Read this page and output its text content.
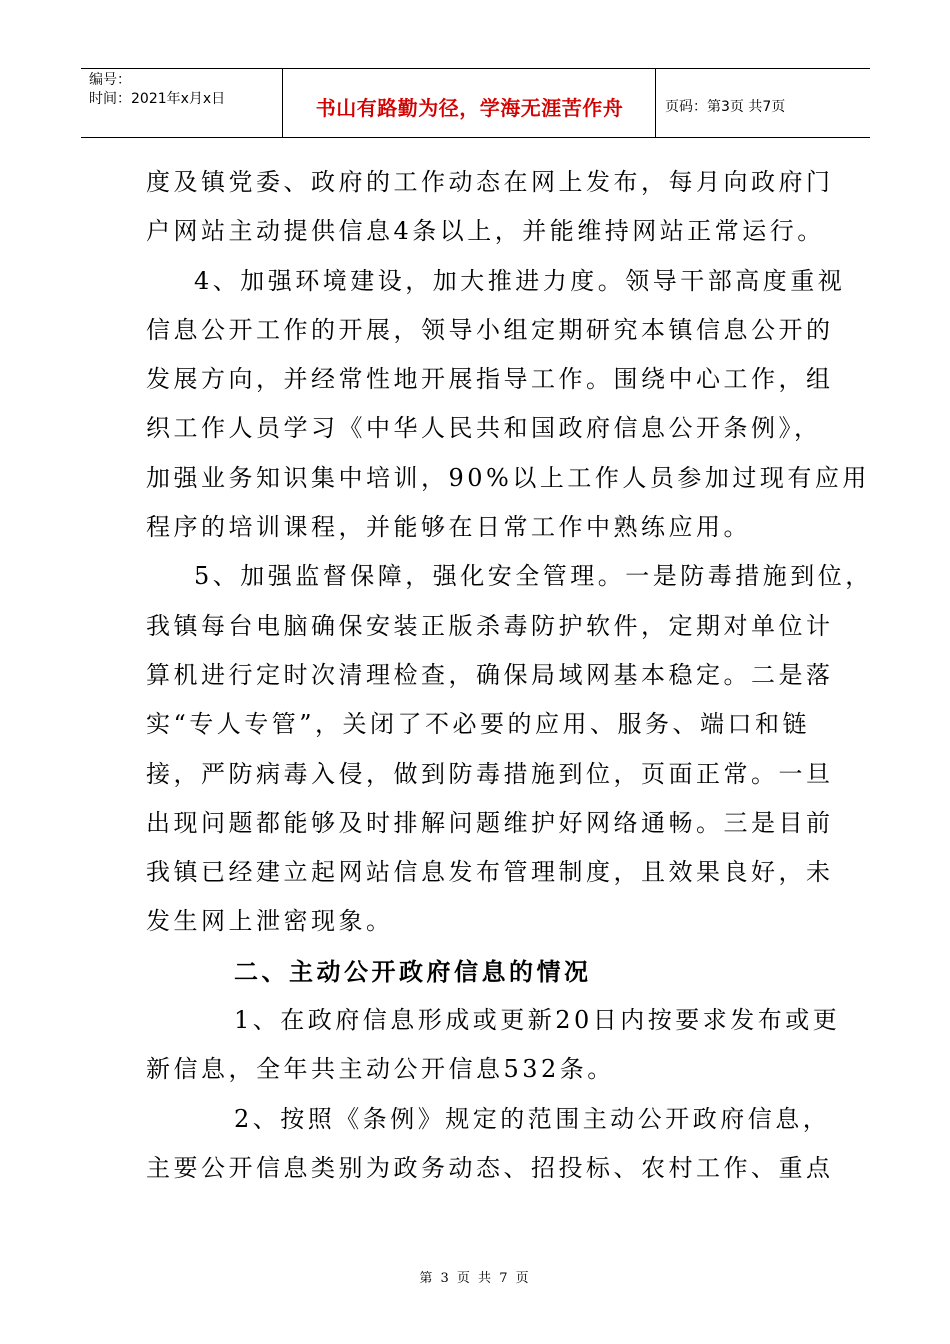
编号：
时间：2021年x月x日	书山有路勤为径，学海无涯苦作舟	页码：第3页 共7页
度及镇党委、政府的工作动态在网上发布，每月向政府门
户网站主动提供信息4条以上，并能维持网站正常运行。
4、加强环境建设，加大推进力度。领导干部高度重视
信息公开工作的开展，领导小组定期研究本镇信息公开的
发展方向，并经常性地开展指导工作。围绕中心工作，组
织工作人员学习《中华人民共和国政府信息公开条例》，
加强业务知识集中培训，90%以上工作人员参加过现有应用
程序的培训课程，并能够在日常工作中熟练应用。
5、加强监督保障，强化安全管理。一是防毒措施到位，
我镇每台电脑确保安装正版杀毒防护软件，定期对单位计
算机进行定时次清理检查，确保局域网基本稳定。二是落
实“专人专管”，关闭了不必要的应用、服务、端口和链
接，严防病毒入侵，做到防毒措施到位，页面正常。一旦
出现问题都能够及时排解问题维护好网络通畅。三是目前
我镇已经建立起网站信息发布管理制度，且效果良好，未
发生网上泄密现象。
二、主动公开政府信息的情况
1、在政府信息形成或更新20日内按要求发布或更
新信息，全年共主动公开信息532条。
2、按照《条例》规定的范围主动公开政府信息，
主要公开信息类别为政务动态、招投标、农村工作、重点
第 3 页 共 7 页
